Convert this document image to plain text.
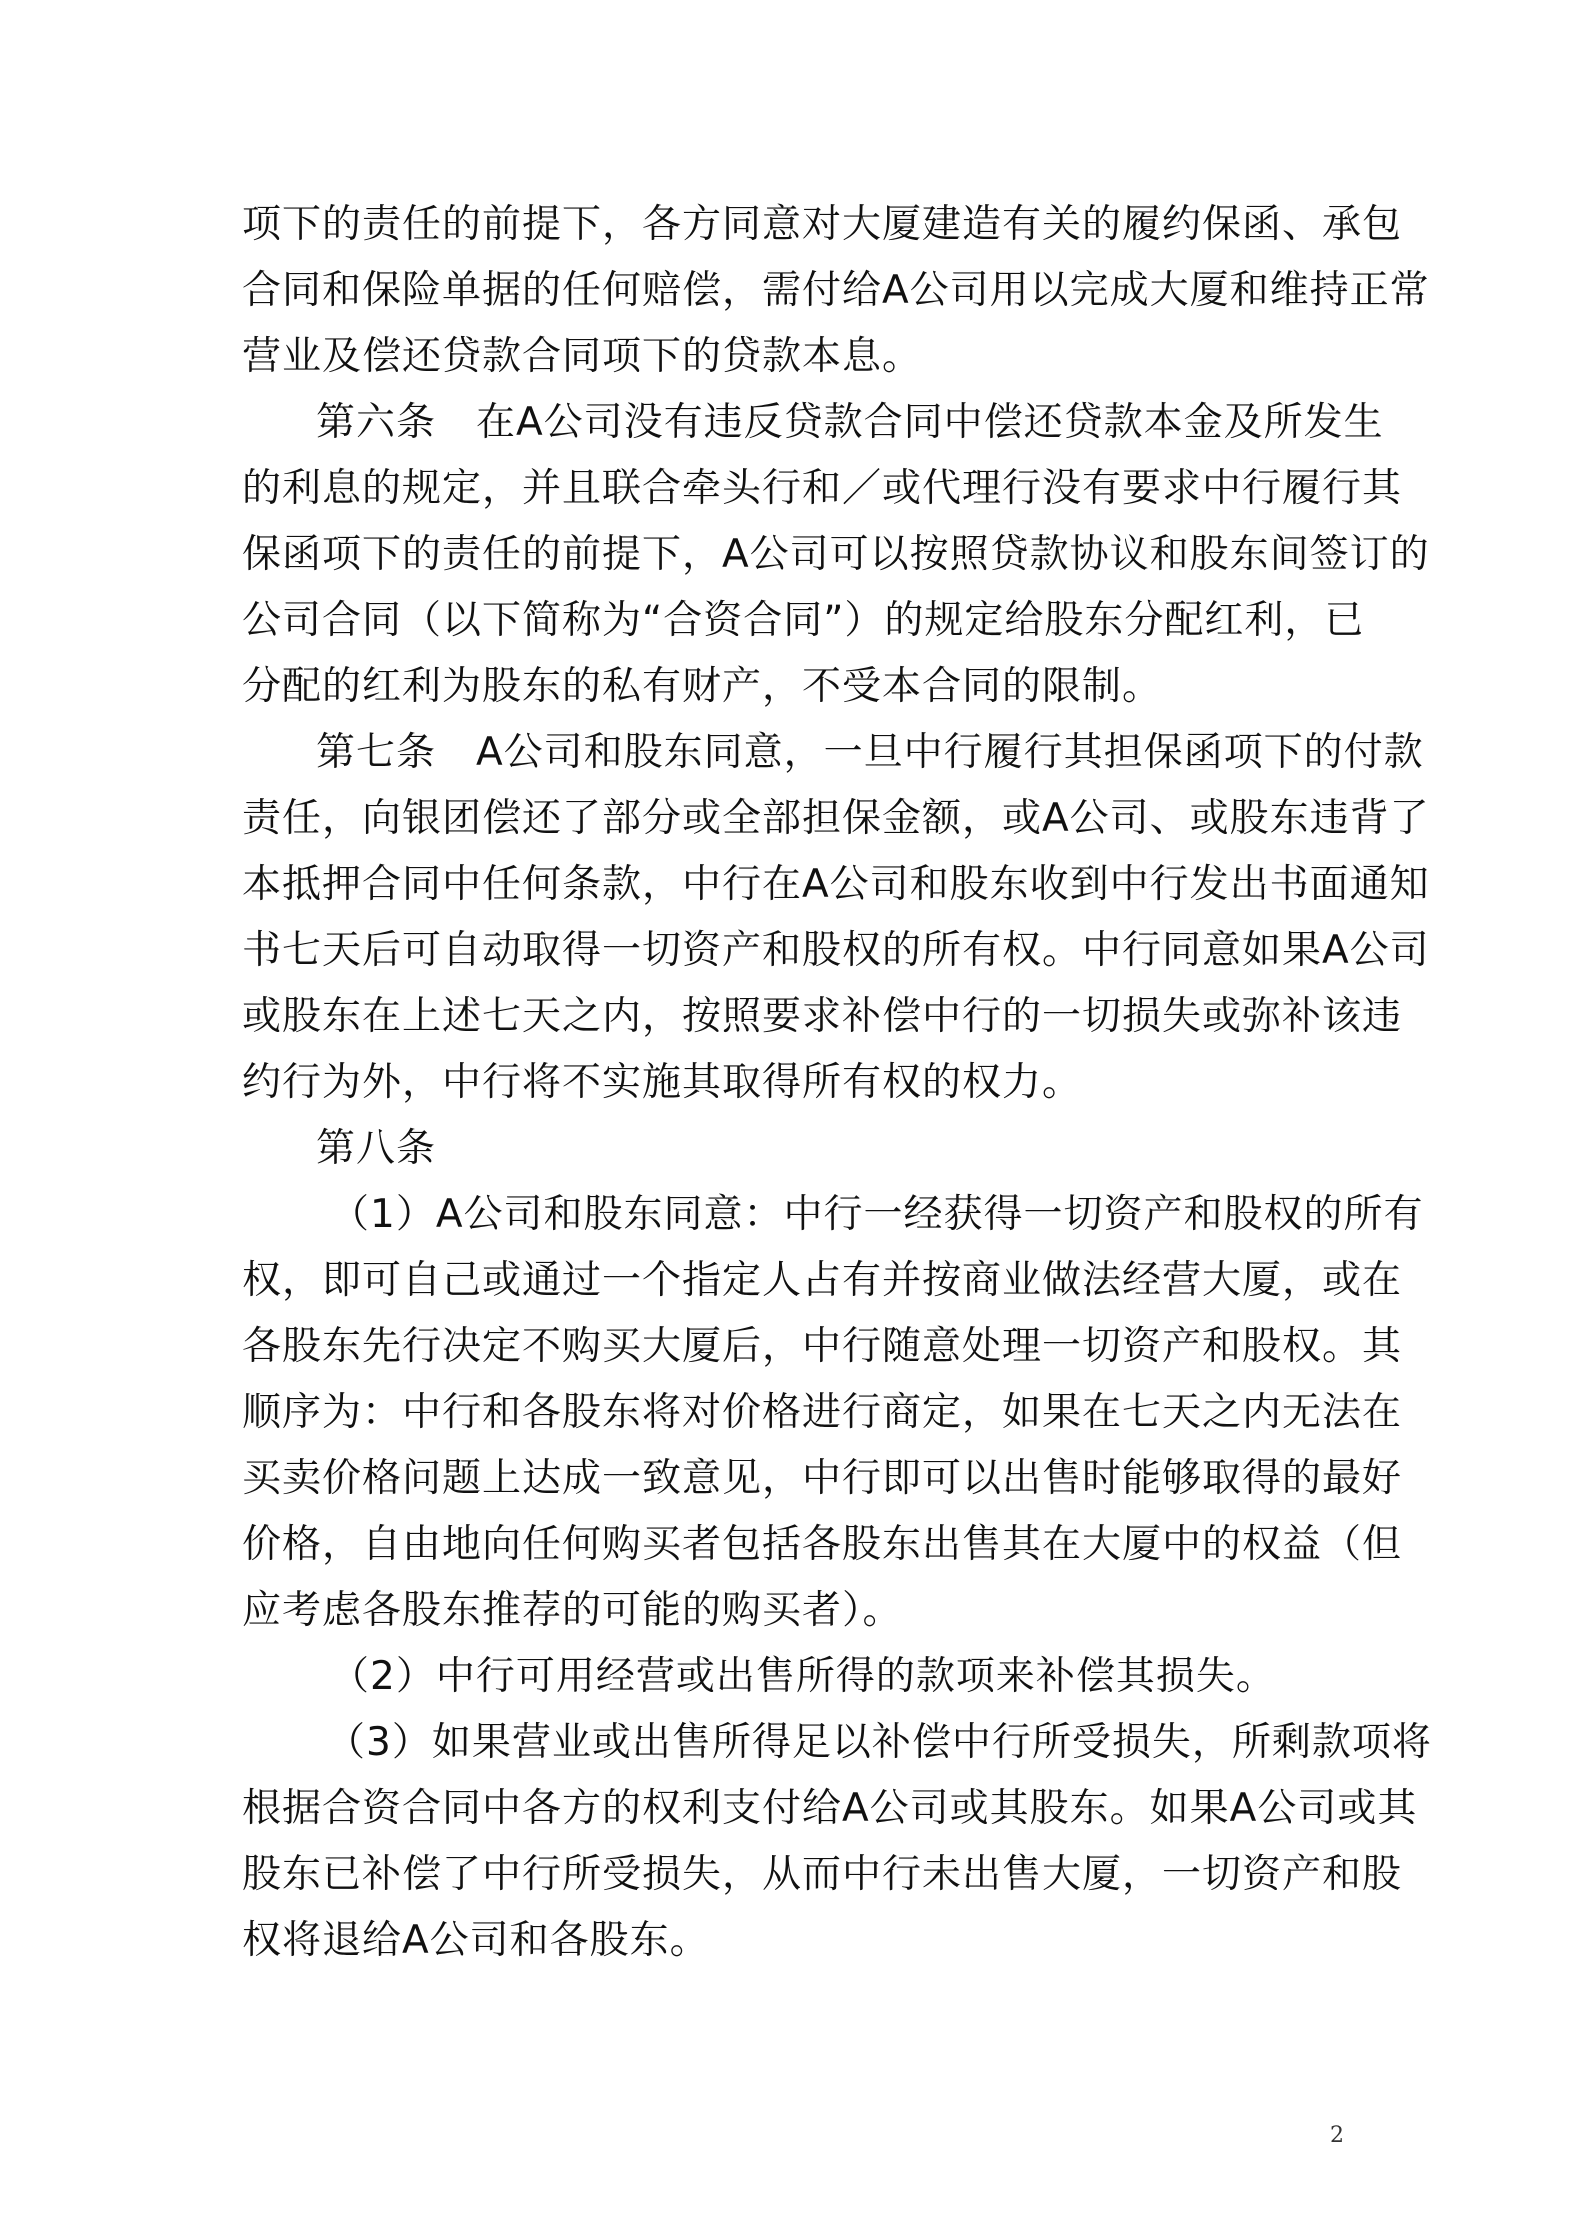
项下的责任的前提下，各方同意对大厦建造有关的履约保函、承包
合同和保险单据的任何赔偿，需付给A公司用以完成大厦和维持正常
营业及偿还贷款合同项下的贷款本息。
第六条　在A公司没有违反贷款合同中偿还贷款本金及所发生
的利息的规定，并且联合牵头行和／或代理行没有要求中行履行其
保函项下的责任的前提下，A公司可以按照贷款协议和股东间签订的
公司合同（以下简称为“合资合同”）的规定给股东分配红利，已
分配的红利为股东的私有财产，不受本合同的限制。
第七条　A公司和股东同意，一旦中行履行其担保函项下的付款
责任，向银团偿还了部分或全部担保金额，或A公司、或股东违背了
本抵押合同中任何条款，中行在A公司和股东收到中行发出书面通知
书七天后可自动取得一切资产和股权的所有权。中行同意如果A公司
或股东在上述七天之内，按照要求补偿中行的一切损失或弥补该违
约行为外，中行将不实施其取得所有权的权力。
第八条
（1）A公司和股东同意：中行一经获得一切资产和股权的所有
权，即可自己或通过一个指定人占有并按商业做法经营大厦，或在
各股东先行决定不购买大厦后，中行随意处理一切资产和股权。其
顺序为：中行和各股东将对价格进行商定，如果在七天之内无法在
买卖价格问题上达成一致意见，中行即可以出售时能够取得的最好
价格，自由地向任何购买者包括各股东出售其在大厦中的权益（但
应考虑各股东推荐的可能的购买者）。
（2）中行可用经营或出售所得的款项来补偿其损失。
（3）如果营业或出售所得足以补偿中行所受损失，所剩款项将
根据合资合同中各方的权利支付给A公司或其股东。如果A公司或其
股东已补偿了中行所受损失，从而中行未出售大厦，一切资产和股
权将退给A公司和各股东。
2
